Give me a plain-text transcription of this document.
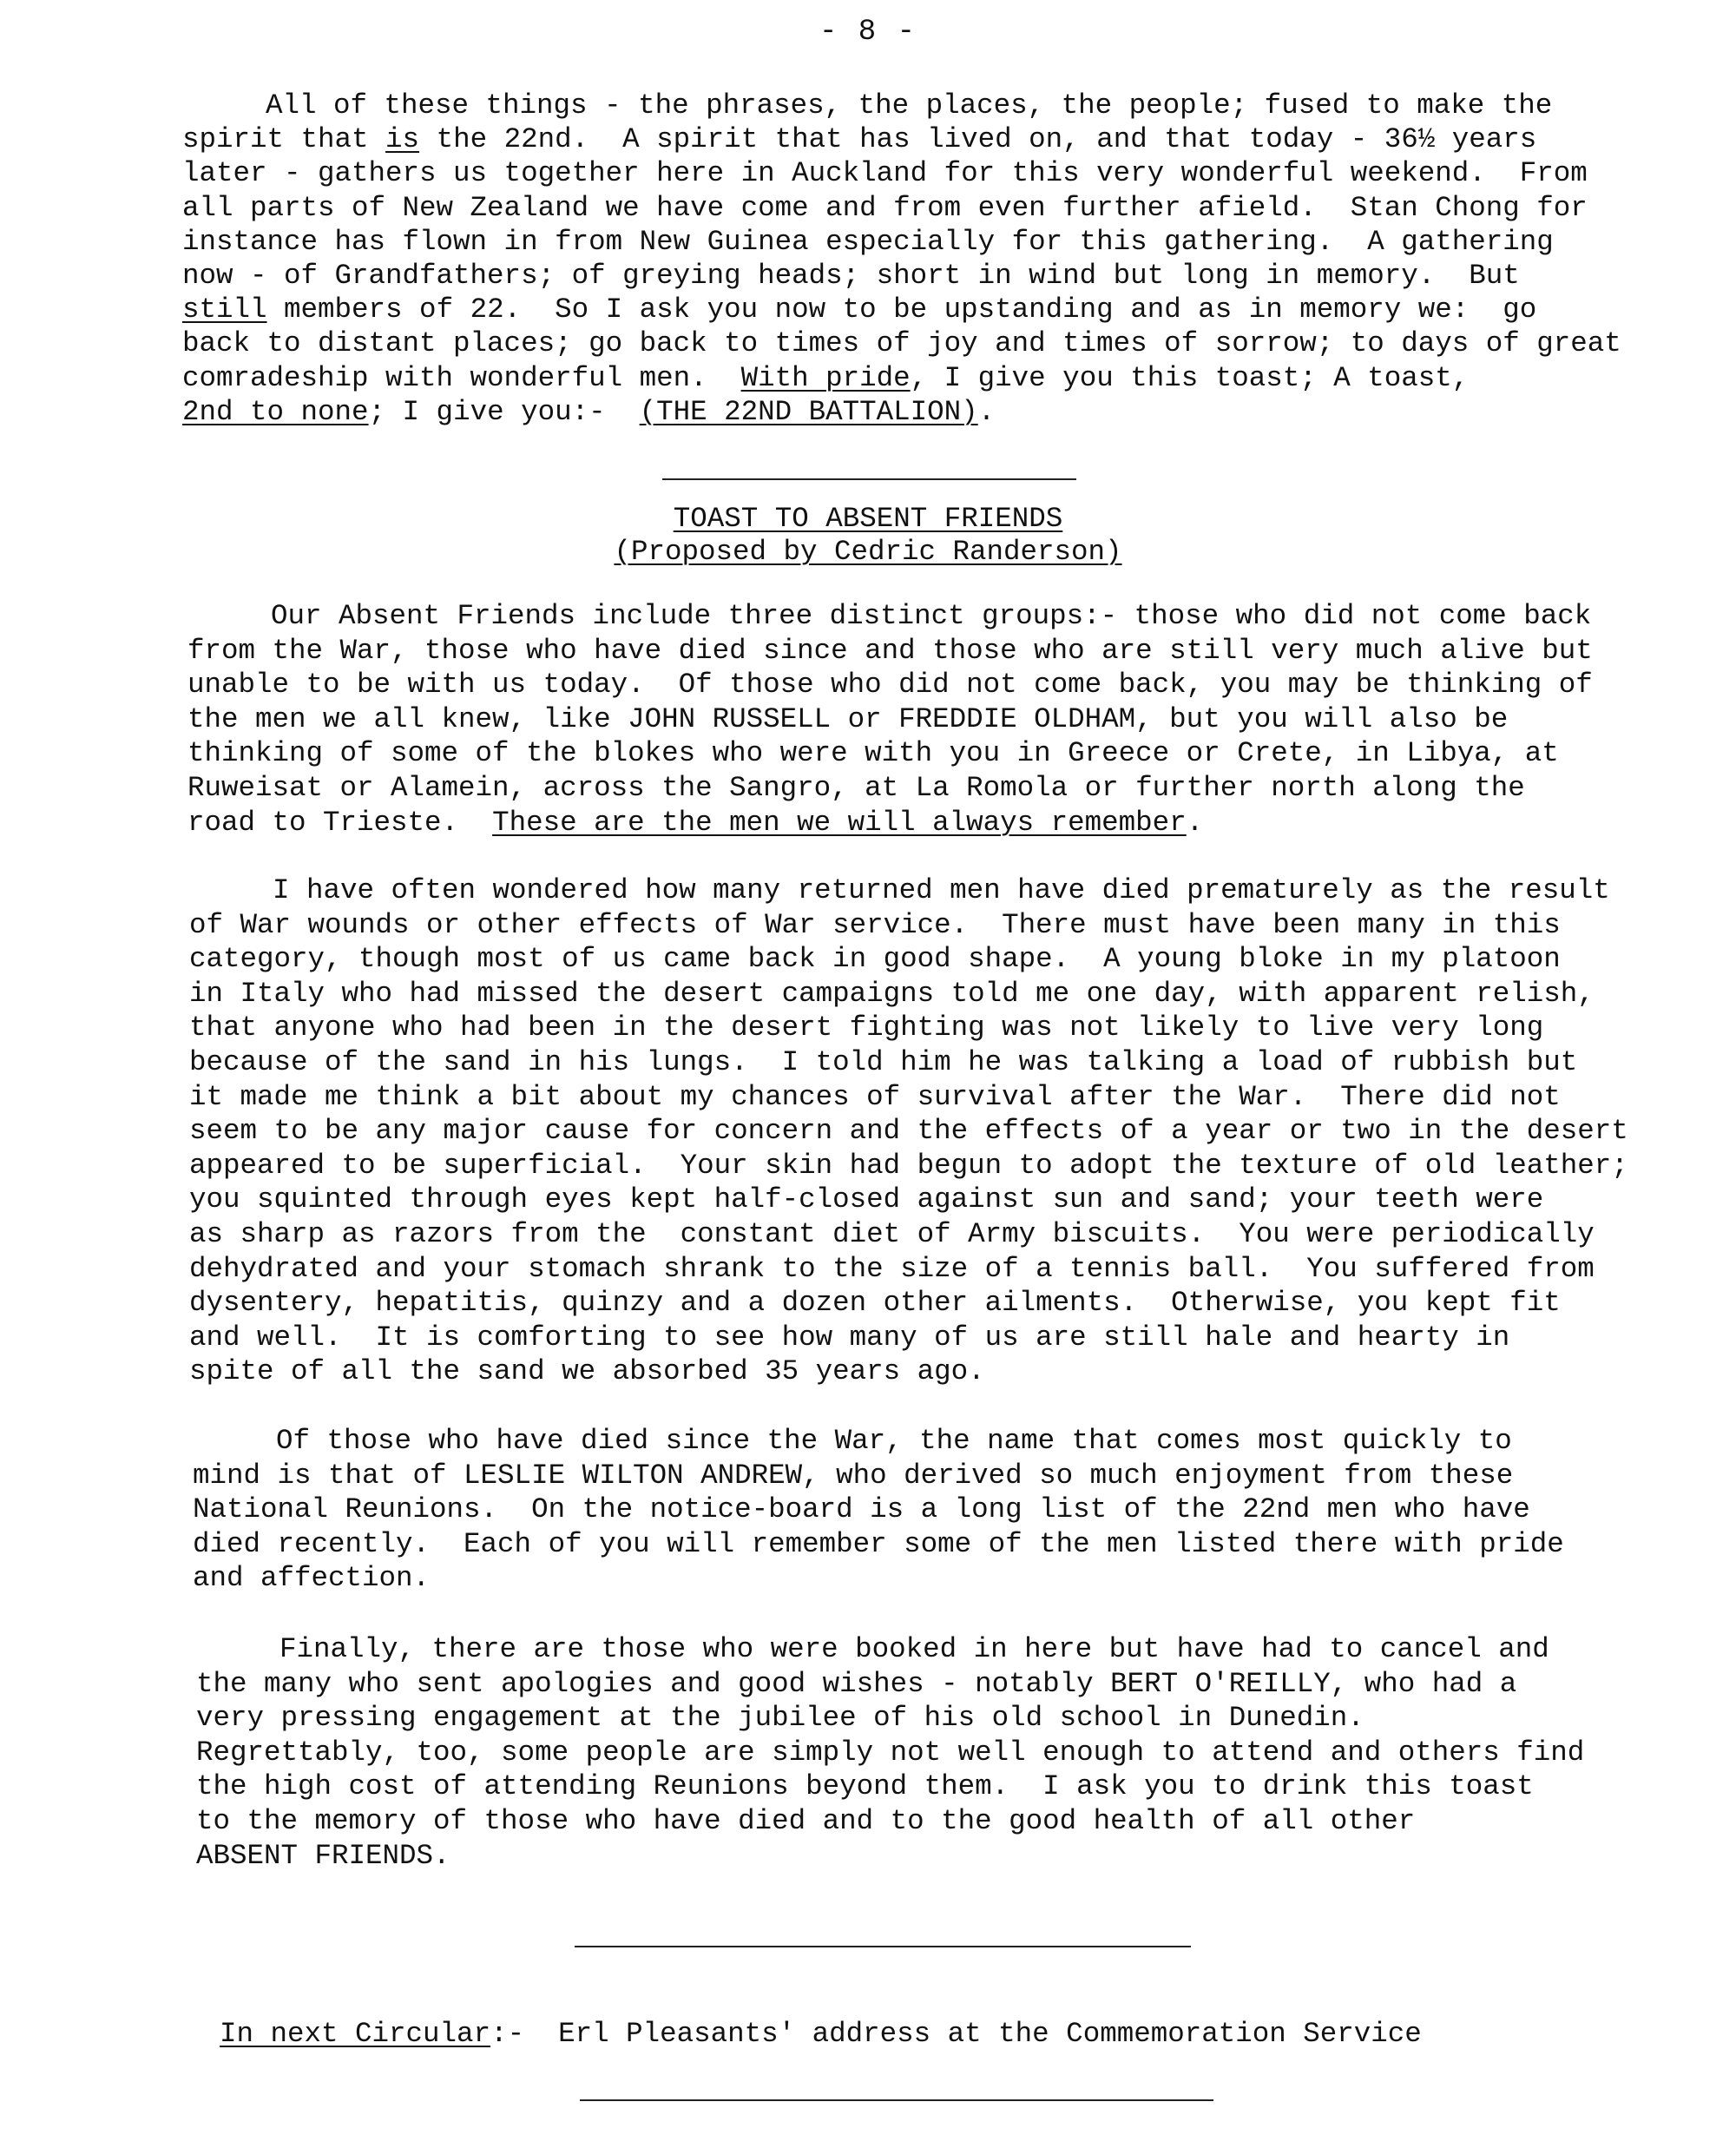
- 8 -
All of these things - the phrases, the places, the people; fused to make the
spirit that is the 22nd.  A spirit that has lived on, and that today - 36½ years
later - gathers us together here in Auckland for this very wonderful weekend.  From
all parts of New Zealand we have come and from even further afield.  Stan Chong for
instance has flown in from New Guinea especially for this gathering.  A gathering
now - of Grandfathers; of greying heads; short in wind but long in memory.  But
still members of 22.  So I ask you now to be upstanding and as in memory we:  go
back to distant places; go back to times of joy and times of sorrow; to days of great
comradeship with wonderful men.  With pride, I give you this toast; A toast,
2nd to none; I give you:-  (THE 22ND BATTALION).
TOAST TO ABSENT FRIENDS
(Proposed by Cedric Randerson)
Our Absent Friends include three distinct groups:- those who did not come back
from the War, those who have died since and those who are still very much alive but
unable to be with us today.  Of those who did not come back, you may be thinking of
the men we all knew, like JOHN RUSSELL or FREDDIE OLDHAM, but you will also be
thinking of some of the blokes who were with you in Greece or Crete, in Libya, at
Ruweisat or Alamein, across the Sangro, at La Romola or further north along the
road to Trieste.  These are the men we will always remember.
I have often wondered how many returned men have died prematurely as the result
of War wounds or other effects of War service.  There must have been many in this
category, though most of us came back in good shape.  A young bloke in my platoon
in Italy who had missed the desert campaigns told me one day, with apparent relish,
that anyone who had been in the desert fighting was not likely to live very long
because of the sand in his lungs.  I told him he was talking a load of rubbish but
it made me think a bit about my chances of survival after the War.  There did not
seem to be any major cause for concern and the effects of a year or two in the desert
appeared to be superficial.  Your skin had begun to adopt the texture of old leather;
you squinted through eyes kept half-closed against sun and sand; your teeth were
as sharp as razors from the  constant diet of Army biscuits.  You were periodically
dehydrated and your stomach shrank to the size of a tennis ball.  You suffered from
dysentery, hepatitis, quinzy and a dozen other ailments.  Otherwise, you kept fit
and well.  It is comforting to see how many of us are still hale and hearty in
spite of all the sand we absorbed 35 years ago.
Of those who have died since the War, the name that comes most quickly to
mind is that of LESLIE WILTON ANDREW, who derived so much enjoyment from these
National Reunions.  On the notice-board is a long list of the 22nd men who have
died recently.  Each of you will remember some of the men listed there with pride
and affection.
Finally, there are those who were booked in here but have had to cancel and
the many who sent apologies and good wishes - notably BERT O'REILLY, who had a
very pressing engagement at the jubilee of his old school in Dunedin.
Regrettably, too, some people are simply not well enough to attend and others find
the high cost of attending Reunions beyond them.  I ask you to drink this toast
to the memory of those who have died and to the good health of all other
ABSENT FRIENDS.

In next Circular:-  Erl Pleasants' address at the Commemoration Service
